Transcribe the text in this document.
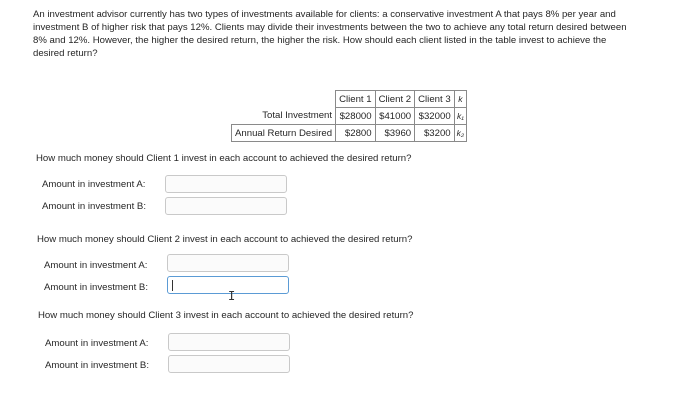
An investment advisor currently has two types of investments available for clients: a conservative investment A that pays 8% per year and investment B of higher risk that pays 12%. Clients may divide their investments between the two to achieve any total return desired between 8% and 12%. However, the higher the desired return, the higher the risk. How should each client listed in the table invest to achieve the desired return?
	Client 1	Client 2	Client 3	k
Total Investment	$28000	$41000	$32000	k₁
Annual Return Desired	$2800	$3960	$3200	k₂
How much money should Client 1 invest in each account to achieved the desired return?
Amount in investment A:
Amount in investment B:
How much money should Client 2 invest in each account to achieved the desired return?
Amount in investment A:
Amount in investment B:
I
How much money should Client 3 invest in each account to achieved the desired return?
Amount in investment A:
Amount in investment B:
